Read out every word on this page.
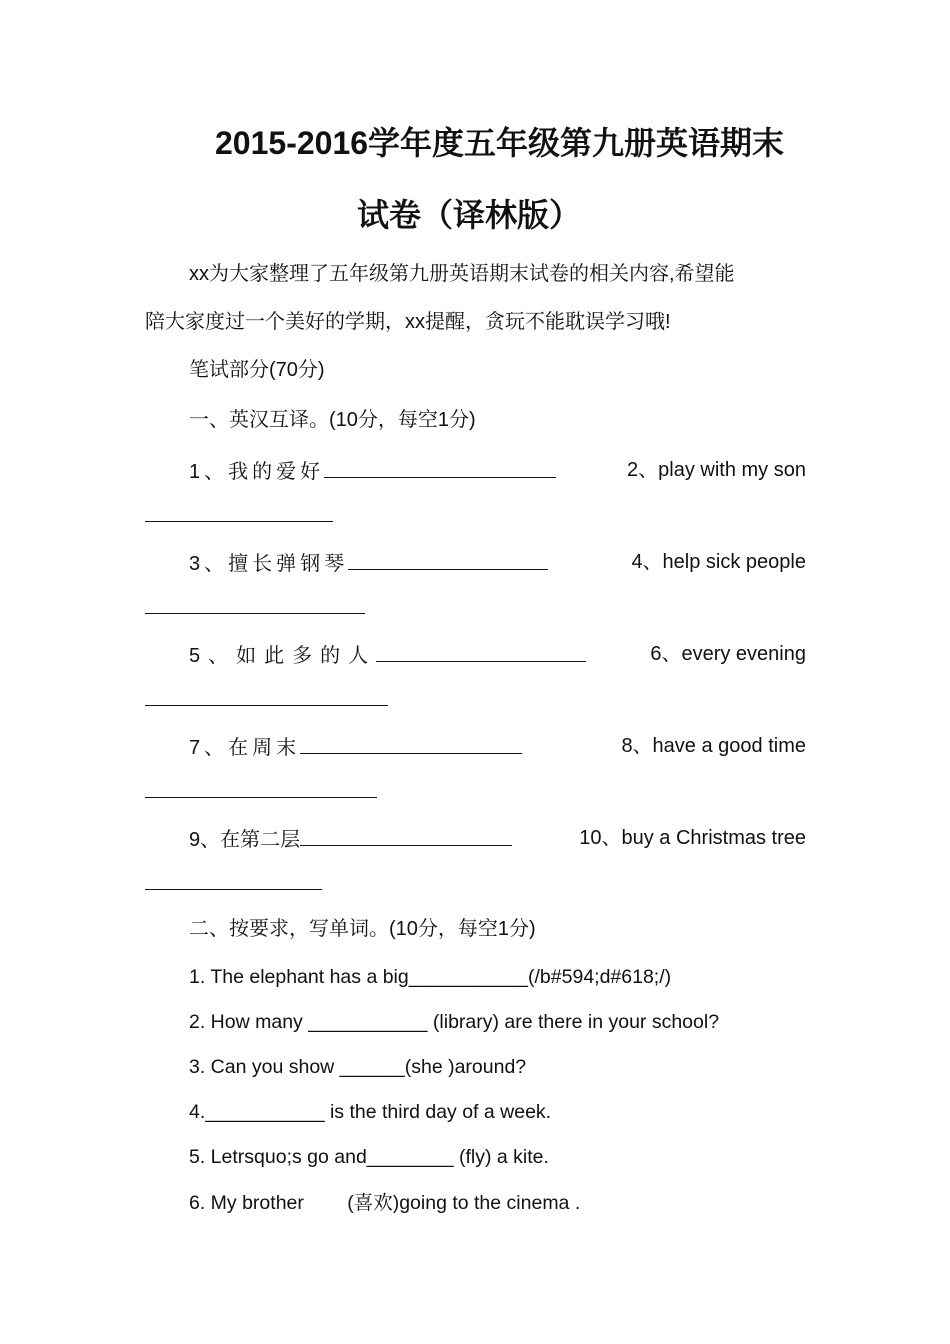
2015-2016学年度五年级第九册英语期末
试卷（译林版）
xx为大家整理了五年级第九册英语期末试卷的相关内容,希望能
陪大家度过一个美好的学期，xx提醒，贪玩不能耽误学习哦!
笔试部分(70分)
一、英汉互译。(10分，每空1分)
1、我的爱好	2、play with my son
3、擅长弹钢琴	4、help sick people
5、如此多的人	6、every evening
7、在周末	8、have a good time
9、在第二层	10、buy a Christmas tree
二、按要求，写单词。(10分，每空1分)
1. The elephant has a big___________(/b#594;d#618;/)
2. How many ___________ (library) are there in your school?
3. Can you show ______(she )around?
4.___________ is the third day of a week.
5. Letrsquo;s go and________ (fly) a kite.
6. My brother        (喜欢)going to the cinema .
